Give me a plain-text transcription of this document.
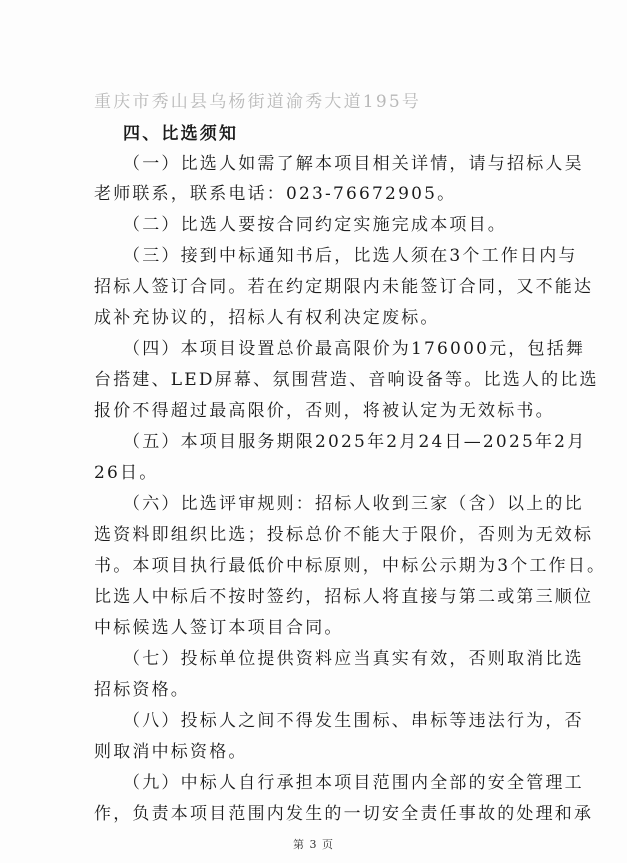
重庆市秀山县乌杨街道渝秀大道195号
四、比选须知
（一）比选人如需了解本项目相关详情，请与招标人吴
老师联系，联系电话：023-76672905。
（二）比选人要按合同约定实施完成本项目。
（三）接到中标通知书后，比选人须在3个工作日内与
招标人签订合同。若在约定期限内未能签订合同，又不能达
成补充协议的，招标人有权利决定废标。
（四）本项目设置总价最高限价为176000元，包括舞
台搭建、LED屏幕、氛围营造、音响设备等。比选人的比选
报价不得超过最高限价，否则，将被认定为无效标书。
（五）本项目服务期限2025年2月24日—2025年2月
26日。
（六）比选评审规则：招标人收到三家（含）以上的比
选资料即组织比选；投标总价不能大于限价，否则为无效标
书。本项目执行最低价中标原则，中标公示期为3个工作日。
比选人中标后不按时签约，招标人将直接与第二或第三顺位
中标候选人签订本项目合同。
（七）投标单位提供资料应当真实有效，否则取消比选
招标资格。
（八）投标人之间不得发生围标、串标等违法行为，否
则取消中标资格。
（九）中标人自行承担本项目范围内全部的安全管理工
作，负责本项目范围内发生的一切安全责任事故的处理和承
第 3 页
